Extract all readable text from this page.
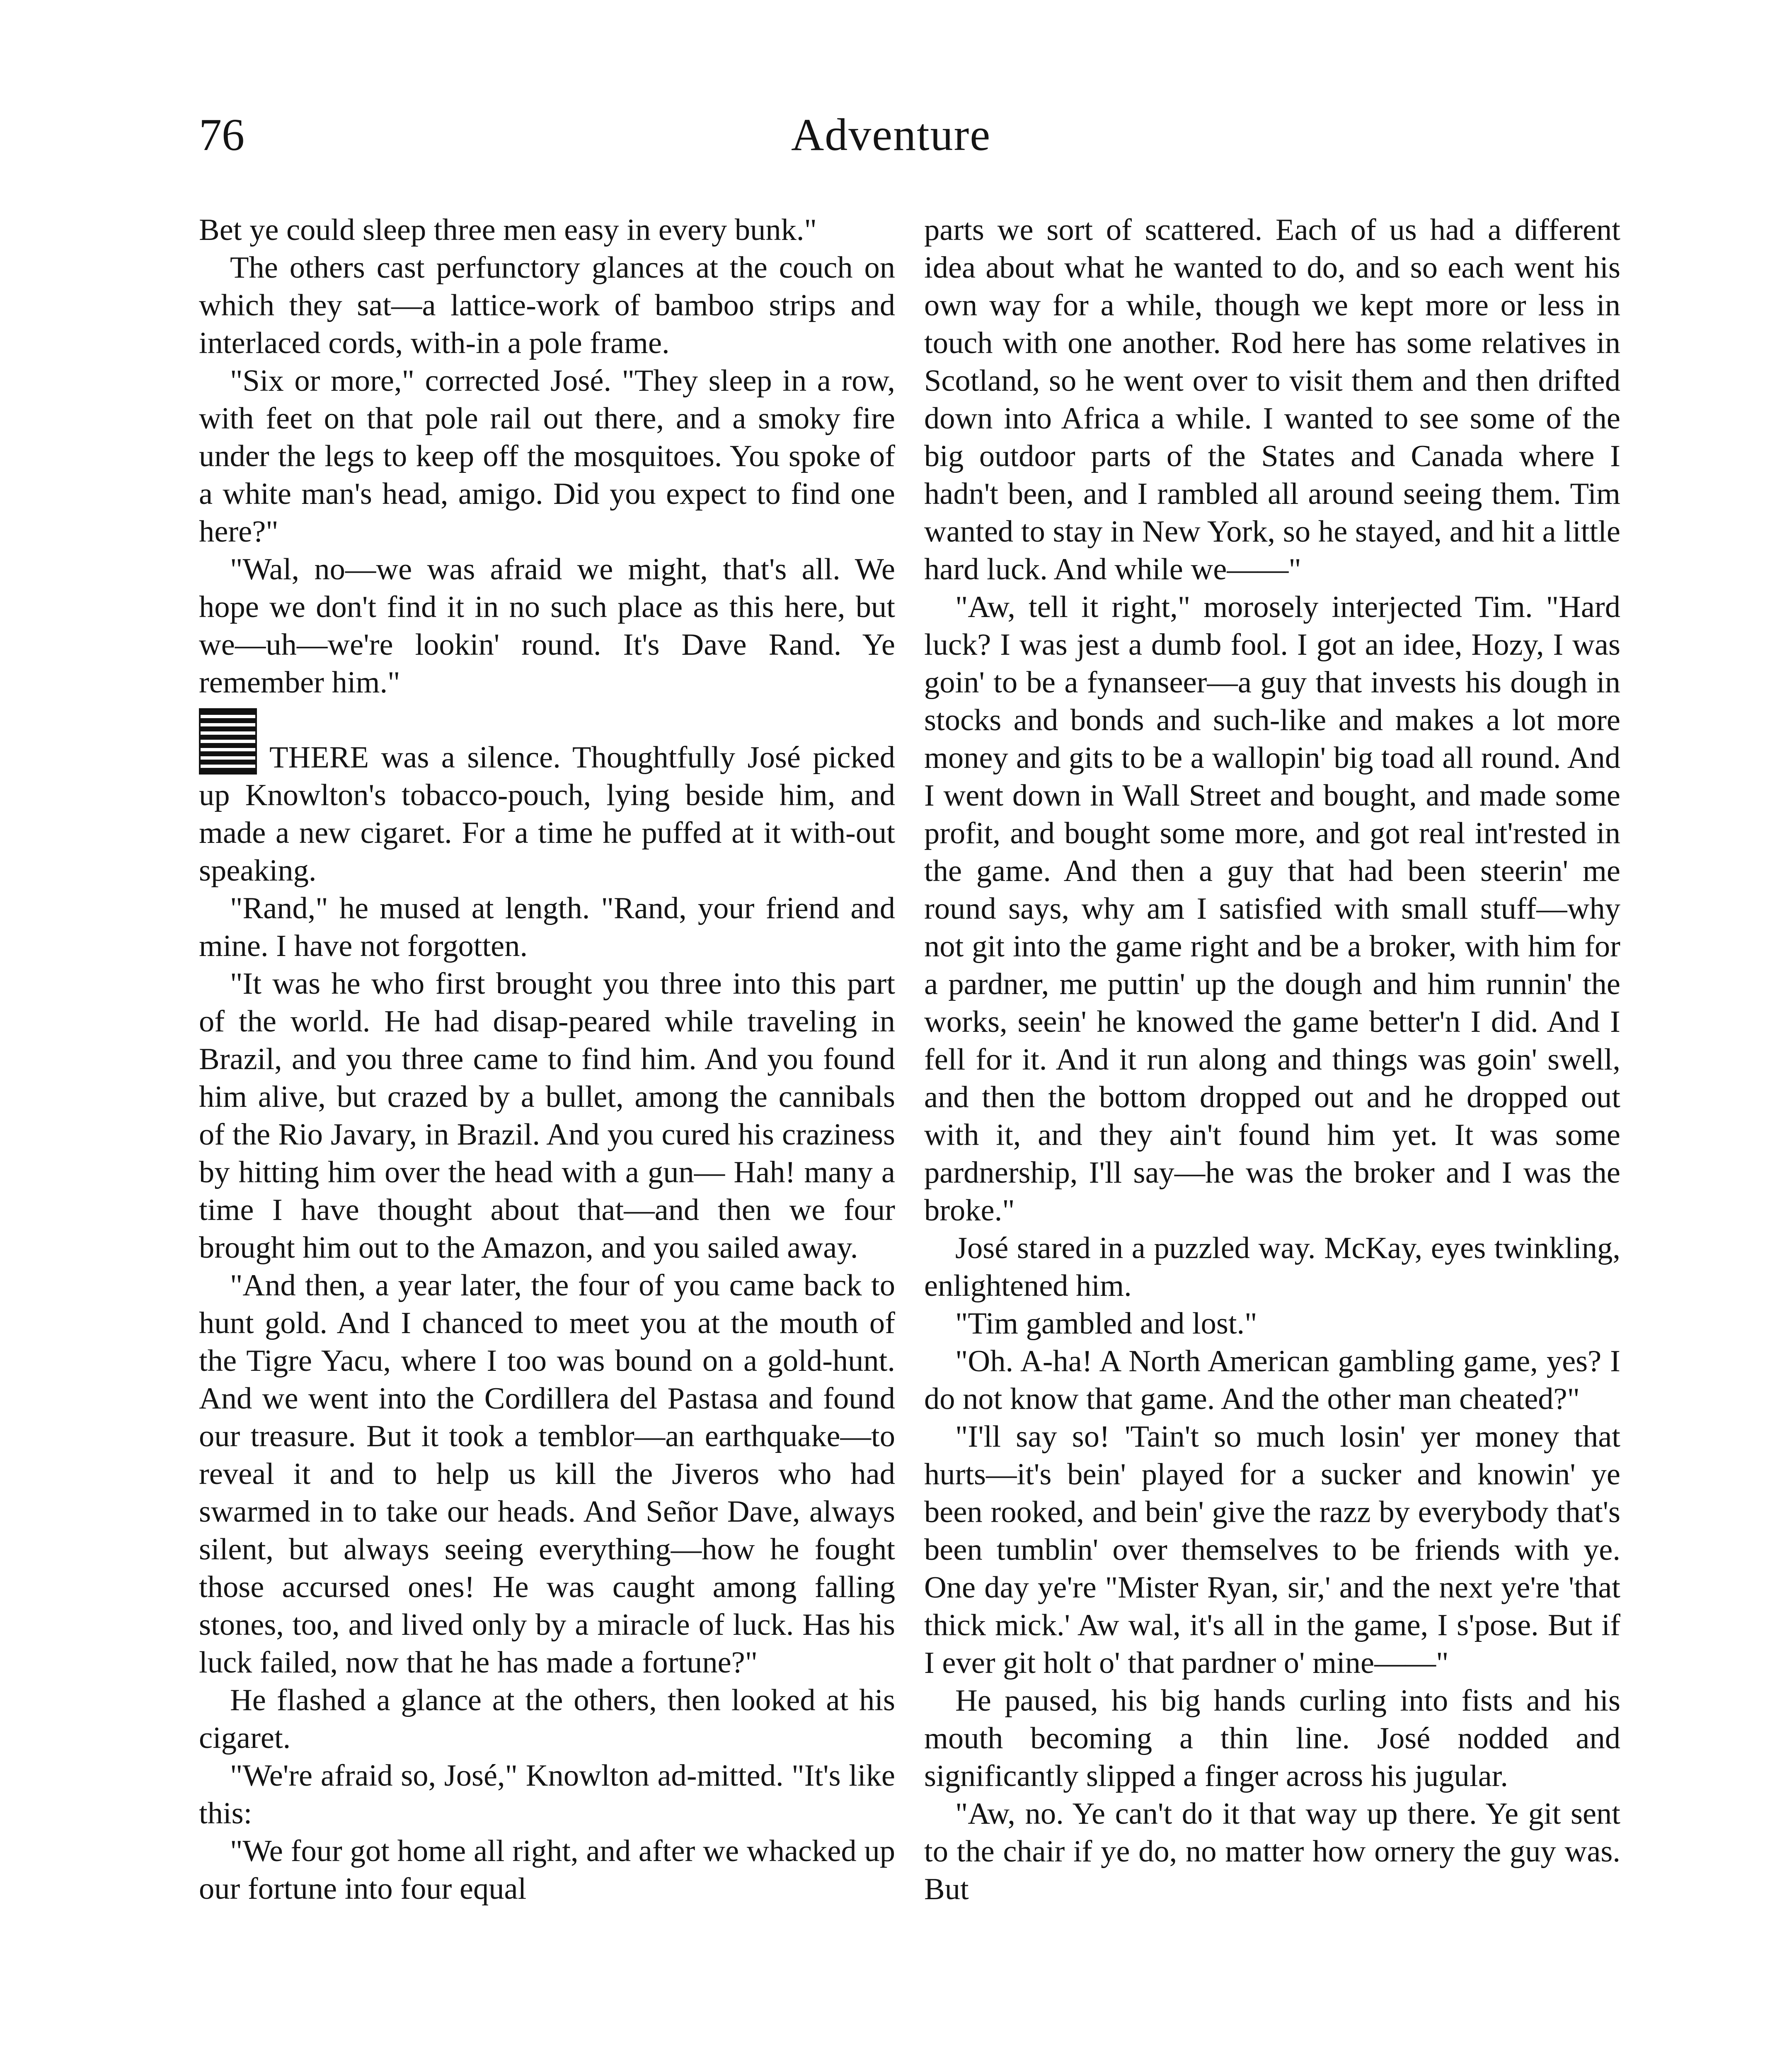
76	Adventure

Bet ye could sleep three men easy in every bunk."

The others cast perfunctory glances at the couch on which they sat—a lattice-work of bamboo strips and interlaced cords, with-in a pole frame.

"Six or more," corrected José. "They sleep in a row, with feet on that pole rail out there, and a smoky fire under the legs to keep off the mosquitoes. You spoke of a white man's head, amigo. Did you expect to find one here?"

"Wal, no—we was afraid we might, that's all. We hope we don't find it in no such place as this here, but we—uh—we're lookin' round. It's Dave Rand. Ye remember him."

THERE was a silence. Thoughtfully José picked up Knowlton's tobacco-pouch, lying beside him, and made a new cigaret. For a time he puffed at it with-out speaking.

"Rand," he mused at length. "Rand, your friend and mine. I have not forgotten.

"It was he who first brought you three into this part of the world. He had disap-peared while traveling in Brazil, and you three came to find him. And you found him alive, but crazed by a bullet, among the cannibals of the Rio Javary, in Brazil. And you cured his craziness by hitting him over the head with a gun— Hah! many a time I have thought about that—and then we four brought him out to the Amazon, and you sailed away.

"And then, a year later, the four of you came back to hunt gold. And I chanced to meet you at the mouth of the Tigre Yacu, where I too was bound on a gold-hunt. And we went into the Cordillera del Pastasa and found our treasure. But it took a temblor—an earthquake—to reveal it and to help us kill the Jiveros who had swarmed in to take our heads. And Señor Dave, always silent, but always seeing everything—how he fought those accursed ones! He was caught among falling stones, too, and lived only by a miracle of luck. Has his luck failed, now that he has made a fortune?"

He flashed a glance at the others, then looked at his cigaret.

"We're afraid so, José," Knowlton ad-mitted. "It's like this:

"We four got home all right, and after we whacked up our fortune into four equal

parts we sort of scattered. Each of us had a different idea about what he wanted to do, and so each went his own way for a while, though we kept more or less in touch with one another. Rod here has some relatives in Scotland, so he went over to visit them and then drifted down into Africa a while. I wanted to see some of the big outdoor parts of the States and Canada where I hadn't been, and I rambled all around seeing them. Tim wanted to stay in New York, so he stayed, and hit a little hard luck. And while we——"

"Aw, tell it right," morosely interjected Tim. "Hard luck? I was jest a dumb fool. I got an idee, Hozy, I was goin' to be a fynanseer—a guy that invests his dough in stocks and bonds and such-like and makes a lot more money and gits to be a wallopin' big toad all round. And I went down in Wall Street and bought, and made some profit, and bought some more, and got real int'rested in the game. And then a guy that had been steerin' me round says, why am I satisfied with small stuff—why not git into the game right and be a broker, with him for a pardner, me puttin' up the dough and him runnin' the works, seein' he knowed the game better'n I did. And I fell for it. And it run along and things was goin' swell, and then the bottom dropped out and he dropped out with it, and they ain't found him yet. It was some pardnership, I'll say—he was the broker and I was the broke."

José stared in a puzzled way. McKay, eyes twinkling, enlightened him.

"Tim gambled and lost."

"Oh. A-ha! A North American gambling game, yes? I do not know that game. And the other man cheated?"

"I'll say so! 'Tain't so much losin' yer money that hurts—it's bein' played for a sucker and knowin' ye been rooked, and bein' give the razz by everybody that's been tumblin' over themselves to be friends with ye. One day ye're "Mister Ryan, sir,' and the next ye're 'that thick mick.' Aw wal, it's all in the game, I s'pose. But if I ever git holt o' that pardner o' mine——"

He paused, his big hands curling into fists and his mouth becoming a thin line. José nodded and significantly slipped a finger across his jugular.

"Aw, no. Ye can't do it that way up there. Ye git sent to the chair if ye do, no matter how ornery the guy was. But
